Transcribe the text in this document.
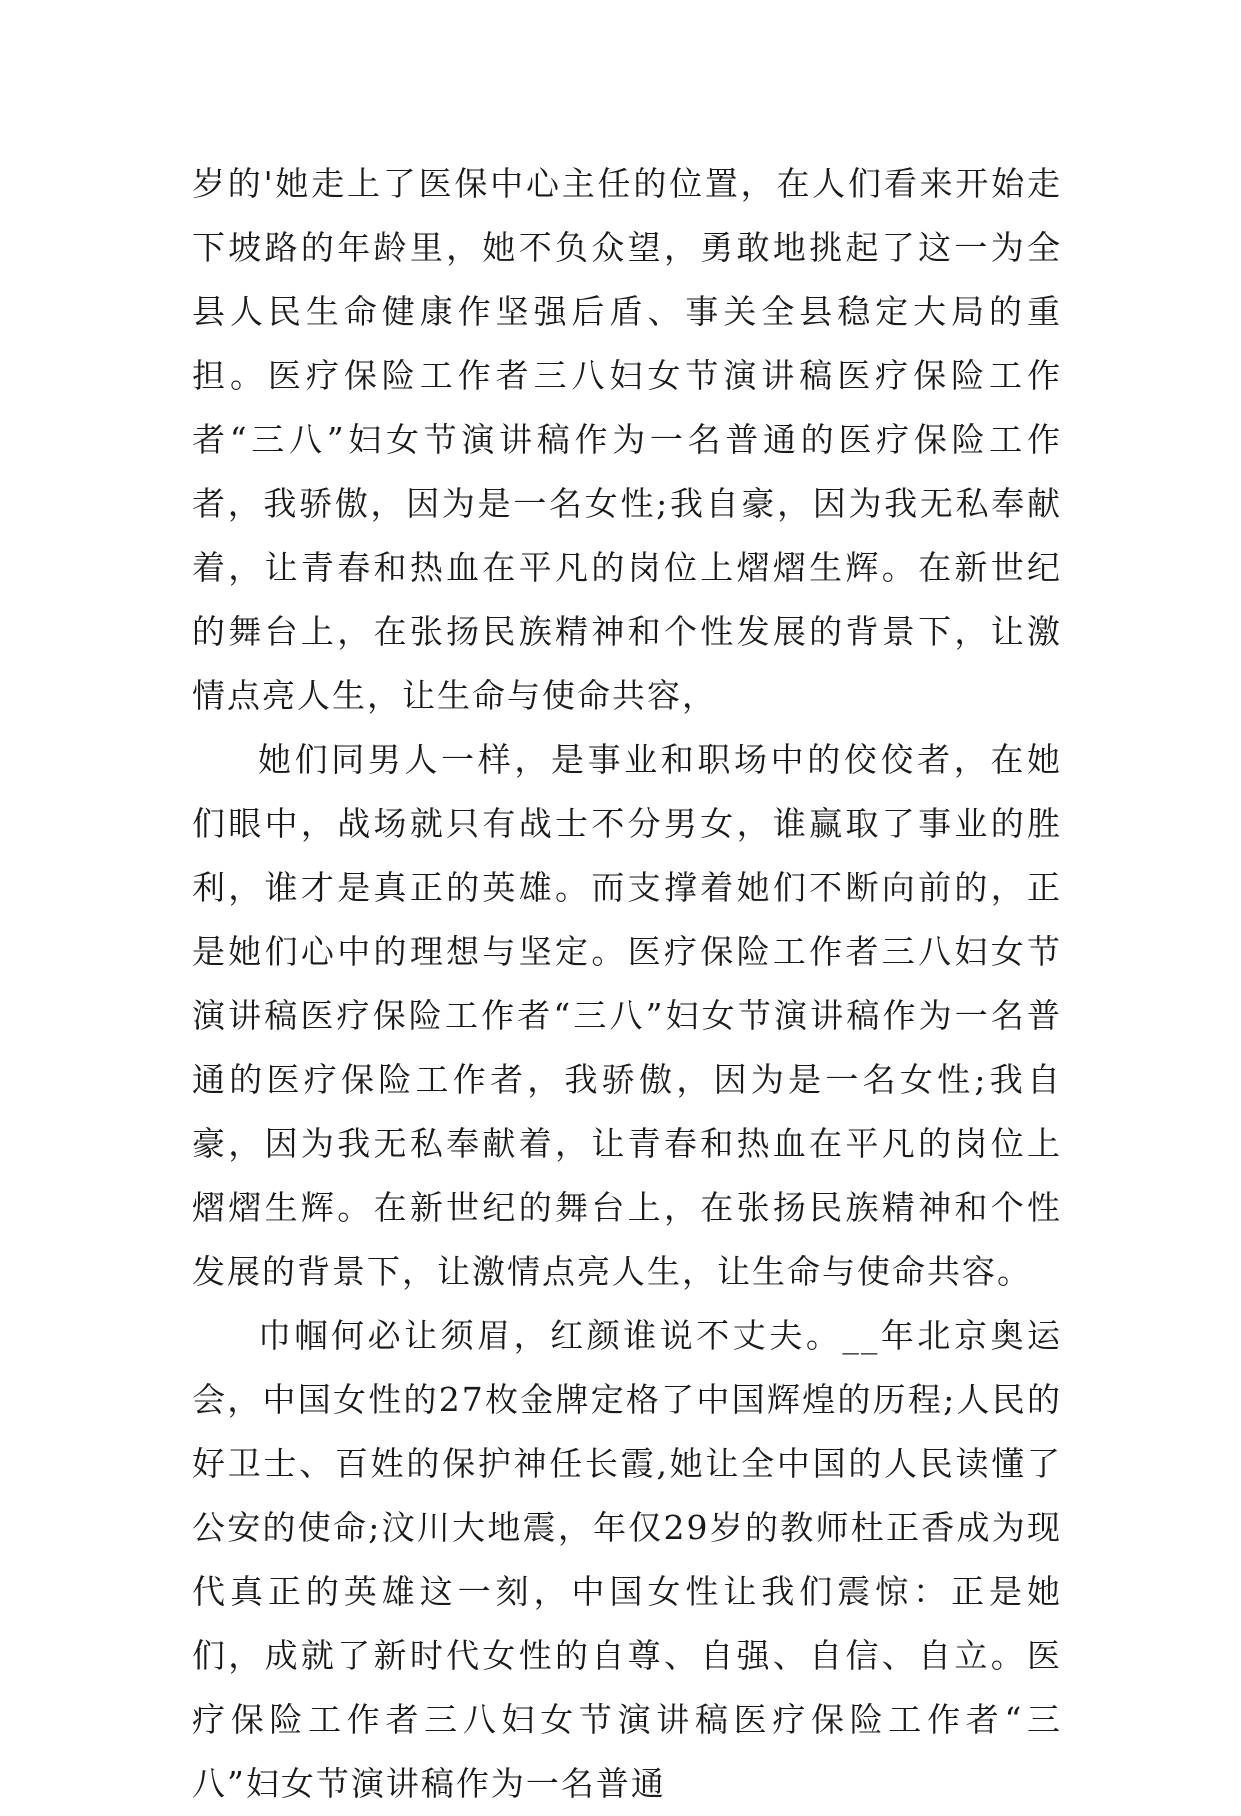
岁的'她走上了医保中心主任的位置，在人们看来开始走下坡路的年龄里，她不负众望，勇敢地挑起了这一为全县人民生命健康作坚强后盾、事关全县稳定大局的重担。医疗保险工作者三八妇女节演讲稿医疗保险工作者“三八”妇女节演讲稿作为一名普通的医疗保险工作者，我骄傲，因为是一名女性;我自豪，因为我无私奉献着，让青春和热血在平凡的岗位上熠熠生辉。在新世纪的舞台上，在张扬民族精神和个性发展的背景下，让激情点亮人生，让生命与使命共容，

她们同男人一样，是事业和职场中的佼佼者，在她们眼中，战场就只有战士不分男女，谁赢取了事业的胜利，谁才是真正的英雄。而支撑着她们不断向前的，正是她们心中的理想与坚定。医疗保险工作者三八妇女节演讲稿医疗保险工作者“三八”妇女节演讲稿作为一名普通的医疗保险工作者，我骄傲，因为是一名女性;我自豪，因为我无私奉献着，让青春和热血在平凡的岗位上熠熠生辉。在新世纪的舞台上，在张扬民族精神和个性发展的背景下，让激情点亮人生，让生命与使命共容。

巾帼何必让须眉，红颜谁说不丈夫。__年北京奥运会，中国女性的27枚金牌定格了中国辉煌的历程;人民的好卫士、百姓的保护神任长霞,她让全中国的人民读懂了公安的使命;汶川大地震，年仅29岁的教师杜正香成为现代真正的英雄这一刻，中国女性让我们震惊：正是她们，成就了新时代女性的自尊、自强、自信、自立。医疗保险工作者三八妇女节演讲稿医疗保险工作者“三八”妇女节演讲稿作为一名普通
